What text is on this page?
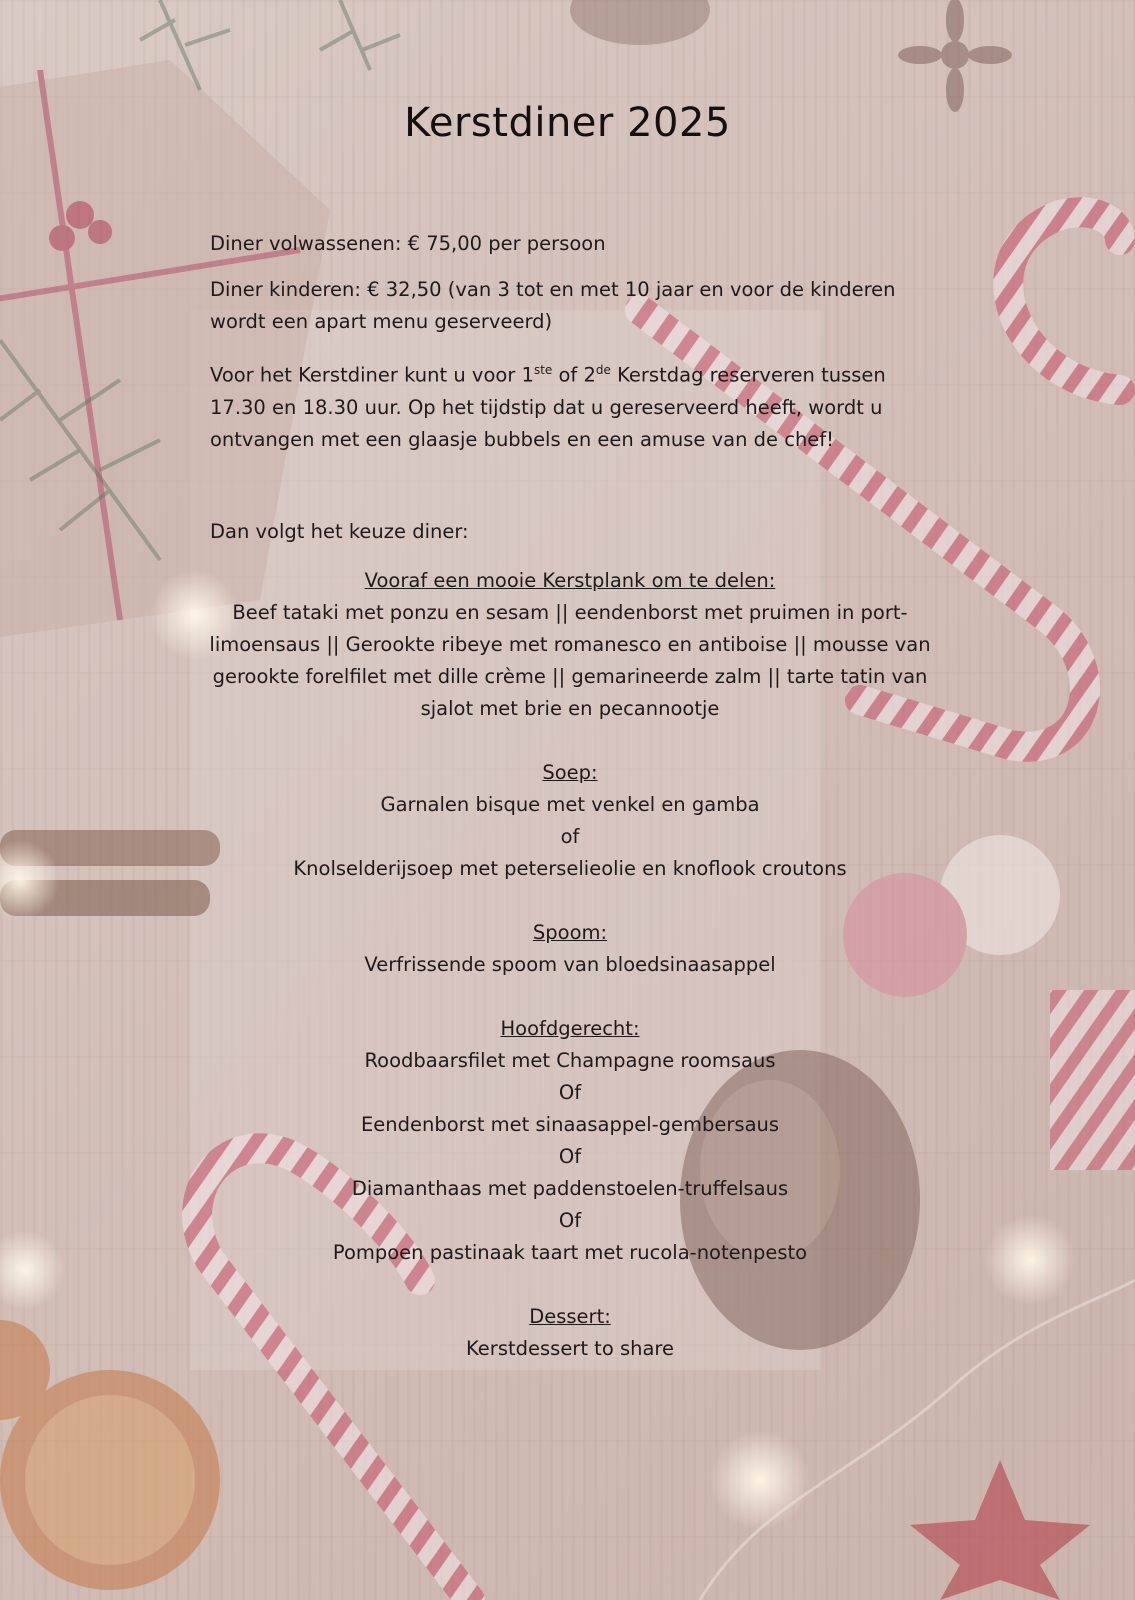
Kerstdiner 2025

Diner volwassenen: € 75,00 per persoon

Diner kinderen: € 32,50 (van 3 tot en met 10 jaar en voor de kinderen wordt een apart menu geserveerd)

Voor het Kerstdiner kunt u voor 1ste of 2de Kerstdag reserveren tussen 17.30 en 18.30 uur. Op het tijdstip dat u gereserveerd heeft, wordt u ontvangen met een glaasje bubbels en een amuse van de chef!

Dan volgt het keuze diner:

Vooraf een mooie Kerstplank om te delen:

Beef tataki met ponzu en sesam || eendenborst met pruimen in port-

limoensaus || Gerookte ribeye met romanesco en antiboise || mousse van

gerookte forelfilet met dille crème || gemarineerde zalm || tarte tatin van

sjalot met brie en pecannootje

Soep:

Garnalen bisque met venkel en gamba

of

Knolselderijsoep met peterselieolie en knoflook croutons

Spoom:

Verfrissende spoom van bloedsinaasappel

Hoofdgerecht:

Roodbaarsfilet met Champagne roomsaus

Of

Eendenborst met sinaasappel-gembersaus

Of

Diamanthaas met paddenstoelen-truffelsaus

Of

Pompoen pastinaak taart met rucola-notenpesto

Dessert:

Kerstdessert to share
